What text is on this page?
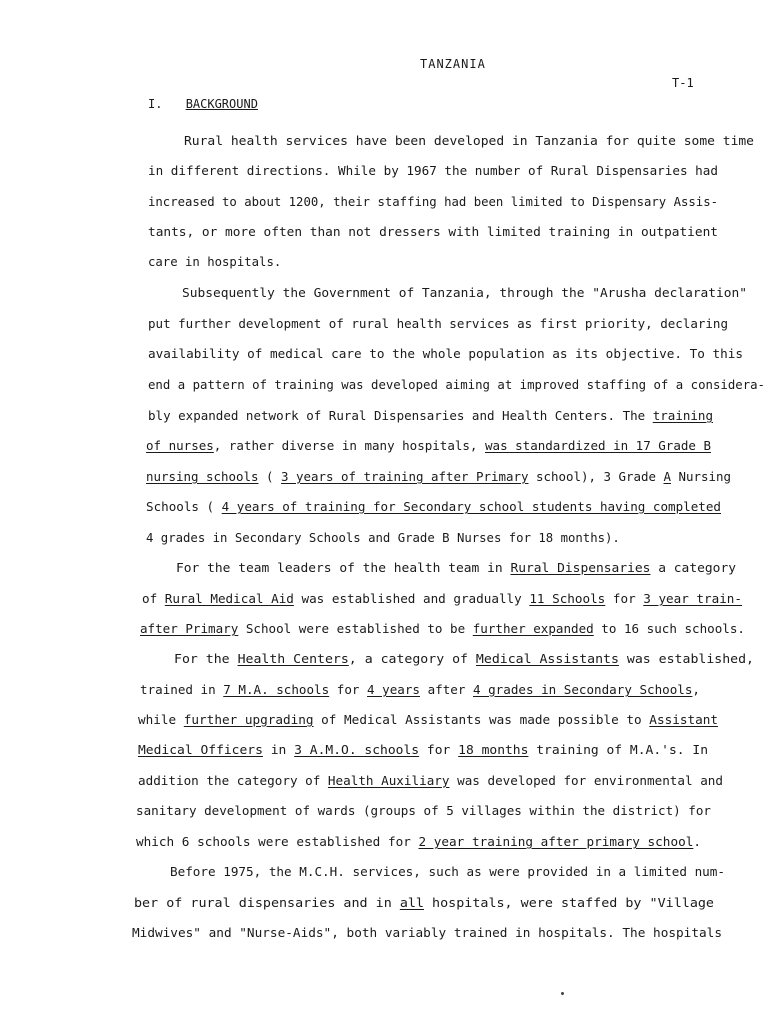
TANZANIA
T-1
I. BACKGROUND
Rural health services have been developed in Tanzania for quite some time
in different directions. While by 1967 the number of Rural Dispensaries had
increased to about 1200, their staffing had been limited to Dispensary Assis-
tants, or more often than not dressers with limited training in outpatient
care in hospitals.
Subsequently the Government of Tanzania, through the "Arusha declaration"
put further development of rural health services as first priority, declaring
availability of medical care to the whole population as its objective. To this
end a pattern of training was developed aiming at improved staffing of a considera-
bly expanded network of Rural Dispensaries and Health Centers. The training
of nurses, rather diverse in many hospitals, was standardized in 17 Grade B
nursing schools ( 3 years of training after Primary school), 3 Grade A Nursing
Schools ( 4 years of training for Secondary school students having completed
4 grades in Secondary Schools and Grade B Nurses for 18 months).
For the team leaders of the health team in Rural Dispensaries a category
of Rural Medical Aid was established and gradually 11 Schools for 3 year train-
after Primary School were established to be further expanded to 16 such schools.
For the Health Centers, a category of Medical Assistants was established,
trained in 7 M.A. schools for 4 years after 4 grades in Secondary Schools,
while further upgrading of Medical Assistants was made possible to Assistant
Medical Officers in 3 A.M.O. schools for 18 months training of M.A.'s. In
addition the category of Health Auxiliary was developed for environmental and
sanitary development of wards (groups of 5 villages within the district) for
which 6 schools were established for 2 year training after primary school.
Before 1975, the M.C.H. services, such as were provided in a limited num-
ber of rural dispensaries and in all hospitals, were staffed by "Village
Midwives" and "Nurse-Aids", both variably trained in hospitals. The hospitals
